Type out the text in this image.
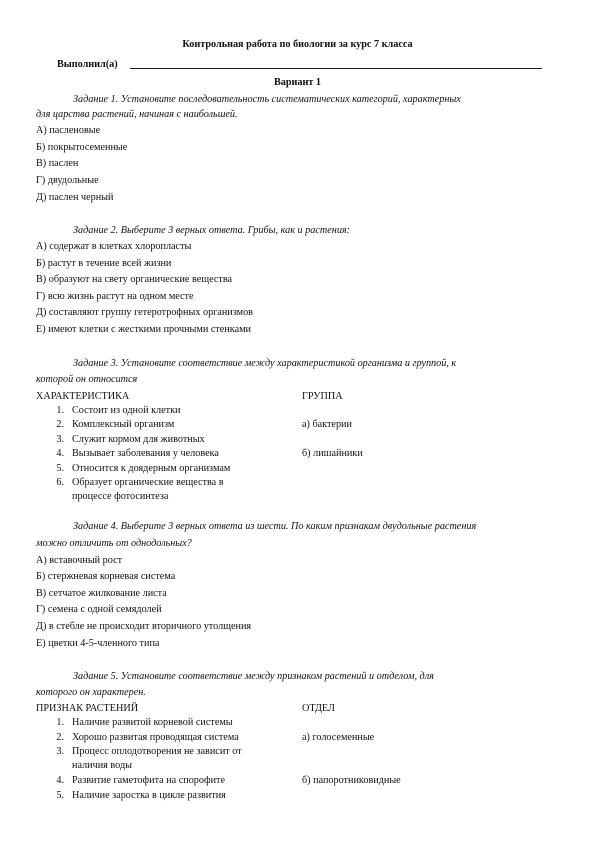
Контрольная работа по биологии за курс 7 класса
Выполнил(а)
Вариант 1
Задание 1. Установите последовательность систематических категорий, характерных
для царства растений, начиная с наибольшей.
А) пасленовые
Б) покрытосеменные
В) паслен
Г) двудольные
Д) паслен черный
Задание 2. Выберите 3 верных ответа. Грибы, как и растения:
А) содержат в клетках хлоропласты
Б) растут в течение всей жизни
В) образуют на свету органические вещества
Г) всю жизнь растут на одном месте
Д) составляют группу гетеротрофных организмов
Е) имеют клетки с жесткими прочными стенками
Задание 3. Установите соответствие между характеристикой организма и группой, к
которой он относится
ХАРАКТЕРИСТИКА	ГРУППА
1. Состоит из одной клетки
2. Комплексный организм
3. Служит кормом для животных
4. Вызывает заболевания у человека
5. Относится к доядерным организмам
6. Образует органические вещества в
процессе фотосинтеза
а) бактерии
б) лишайники
Задание 4. Выберите 3 верных ответа из шести. По каким признакам двудольные растения
можно отличить от однодольных?
А) вставочный рост
Б) стержневая корневая система
В) сетчатое жилкование листа
Г) семена с одной семядолей
Д) в стебле не происходит вторичного утолщения
Е) цветки 4-5-членного типа
Задание 5. Установите соответствие между признаком растений и отделом, для
которого он характерен.
ПРИЗНАК РАСТЕНИЙ	ОТДЕЛ
1. Наличие развитой корневой системы
2. Хорошо развитая проводящая система
3. Процесс оплодотворения не зависит от
наличия воды
4. Развитие гаметофита на спорофите
5. Наличие заростка в цикле развития
а) голосеменные
б) папоротниковидные
